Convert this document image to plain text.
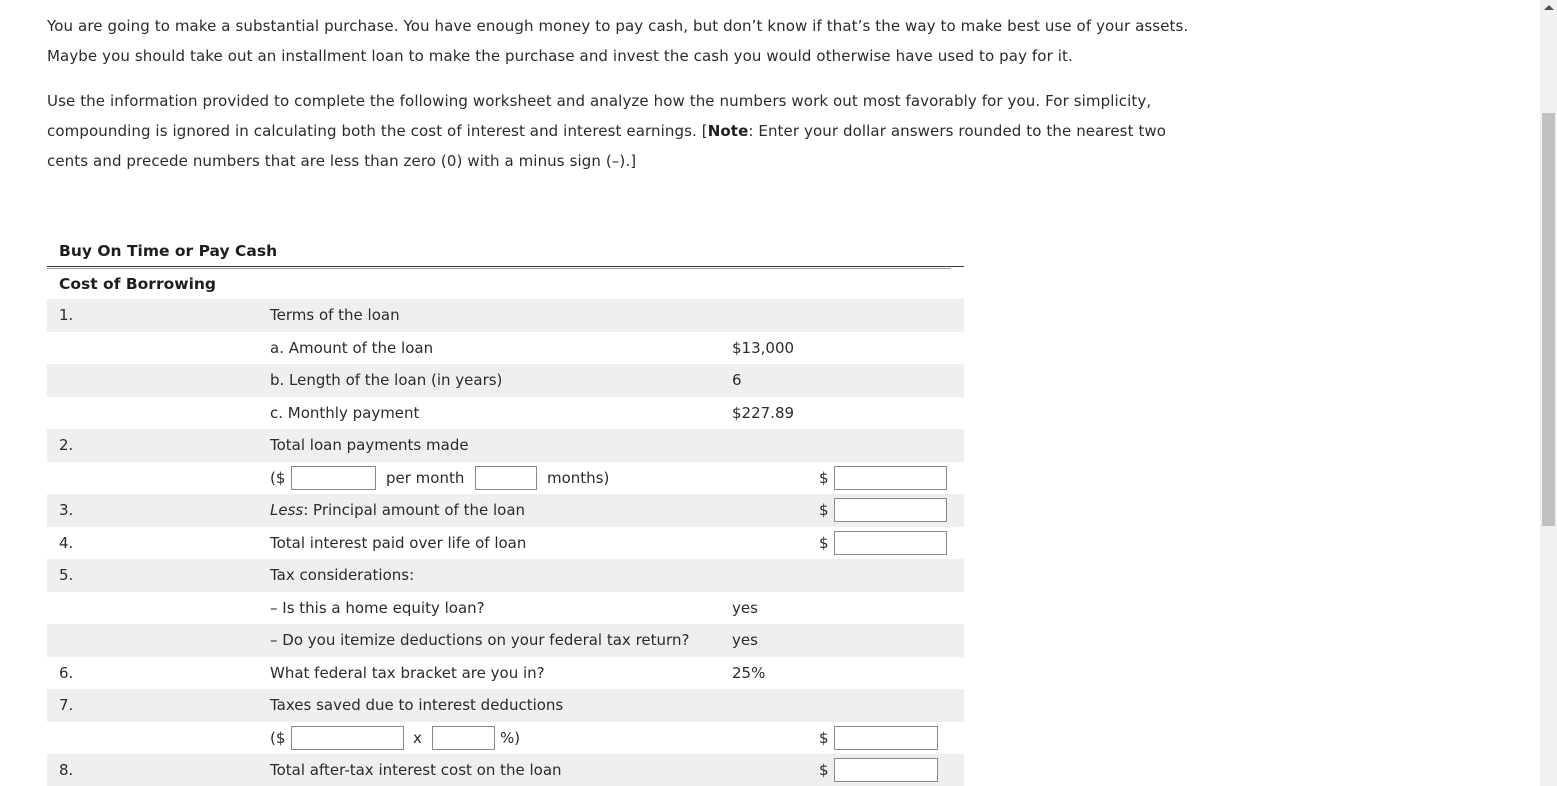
You are going to make a substantial purchase. You have enough money to pay cash, but don’t know if that’s the way to make best use of your assets.
Maybe you should take out an installment loan to make the purchase and invest the cash you would otherwise have used to pay for it.

Use the information provided to complete the following worksheet and analyze how the numbers work out most favorably for you. For simplicity,
compounding is ignored in calculating both the cost of interest and interest earnings. [Note: Enter your dollar answers rounded to the nearest two
cents and precede numbers that are less than zero (0) with a minus sign (–).]

Buy On Time or Pay Cash
Cost of Borrowing
1.	Terms of the loan
a. Amount of the loan	$13,000
b. Length of the loan (in years)	6
c. Monthly payment	$227.89
2.	Total loan payments made
($	per month	months)	$
3.	Less: Principal amount of the loan	$
4.	Total interest paid over life of loan	$
5.	Tax considerations:
– Is this a home equity loan?	yes
– Do you itemize deductions on your federal tax return?	yes
6.	What federal tax bracket are you in?	25%
7.	Taxes saved due to interest deductions
($	x	%)	$
8.	Total after-tax interest cost on the loan	$
